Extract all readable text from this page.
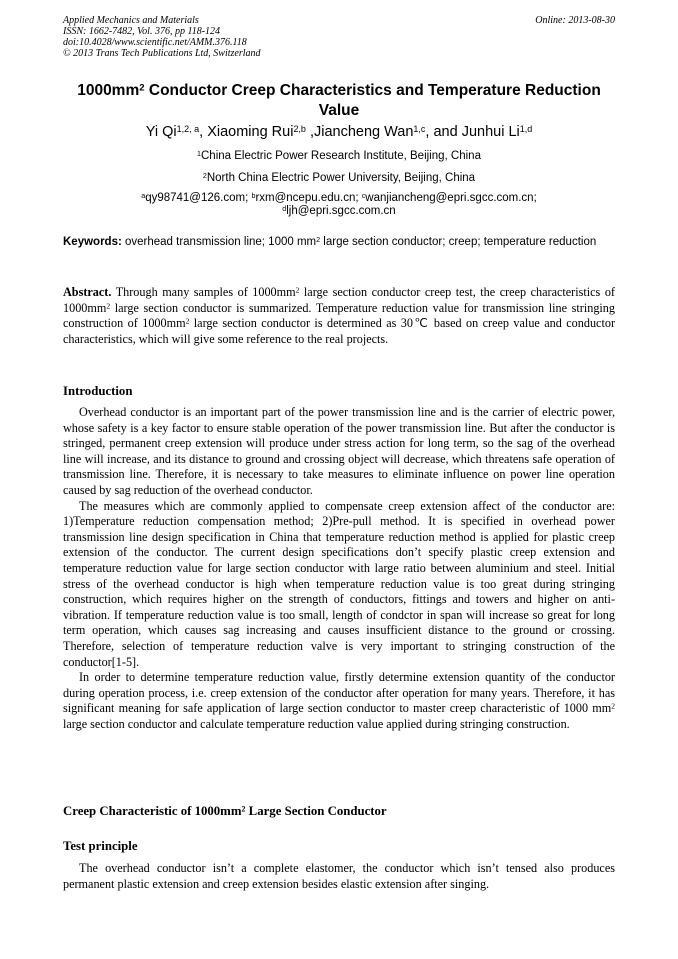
Applied Mechanics and Materials
ISSN: 1662-7482, Vol. 376, pp 118-124
doi:10.4028/www.scientific.net/AMM.376.118
© 2013 Trans Tech Publications Ltd, Switzerland
Online: 2013-08-30
$1000mm^2$ Conductor Creep Characteristics and Temperature Reduction
Value
Yi Qi$^{1,2, a}$, Xiaoming Rui$^{2,b}$ ,Jiancheng Wan$^{1,c}$, and Junhui Li$^{1,d}$
$^1$China Electric Power Research Institute, Beijing, China
$^2$North China Electric Power University, Beijing, China
$^a$qy98741@126.com; $^b$rxm@ncepu.edu.cn; $^c$wanjiancheng@epri.sgcc.com.cn;
$^d$ljh@epri.sgcc.com.cn
Keywords: overhead transmission line; 1000 $mm^2$ large section conductor; creep; temperature reduction
Abstract. Through many samples of $1000mm^2$ large section conductor creep test, the creep characteristics of $1000mm^2$ large section conductor is summarized. Temperature reduction value for transmission line stringing construction of $1000mm^2$ large section conductor is determined as 30℃ based on creep value and conductor characteristics, which will give some reference to the real projects.
Introduction

Overhead conductor is an important part of the power transmission line and is the carrier of electric power, whose safety is a key factor to ensure stable operation of the power transmission line. But after the conductor is stringed, permanent creep extension will produce under stress action for long term, so the sag of the overhead line will increase, and its distance to ground and crossing object will decrease, which threatens safe operation of transmission line. Therefore, it is necessary to take measures to eliminate influence on power line operation caused by sag reduction of the overhead conductor.

The measures which are commonly applied to compensate creep extension affect of the conductor are: 1)Temperature reduction compensation method; 2)Pre-pull method. It is specified in overhead power transmission line design specification in China that temperature reduction method is applied for plastic creep extension of the conductor. The current design specifications don’t specify plastic creep extension and temperature reduction value for large section conductor with large ratio between aluminium and steel. Initial stress of the overhead conductor is high when temperature reduction value is too great during stringing construction, which requires higher on the strength of conductors, fittings and towers and higher on anti-vibration. If temperature reduction value is too small, length of condctor in span will increase so great for long term operation, which causes sag increasing and causes insufficient distance to the ground or crossing. Therefore, selection of temperature reduction valve is very important to stringing construction of the conductor[1-5].

In order to determine temperature reduction value, firstly determine extension quantity of the conductor during operation process, i.e. creep extension of the conductor after operation for many years. Therefore, it has significant meaning for safe application of large section conductor to master creep characteristic of 1000 $mm^2$ large section conductor and calculate temperature reduction value applied during stringing construction.

Creep Characteristic of $1000mm^2$ Large Section Conductor
Test principle

The overhead conductor isn’t a complete elastomer, the conductor which isn’t tensed also produces permanent plastic extension and creep extension besides elastic extension after singing.
